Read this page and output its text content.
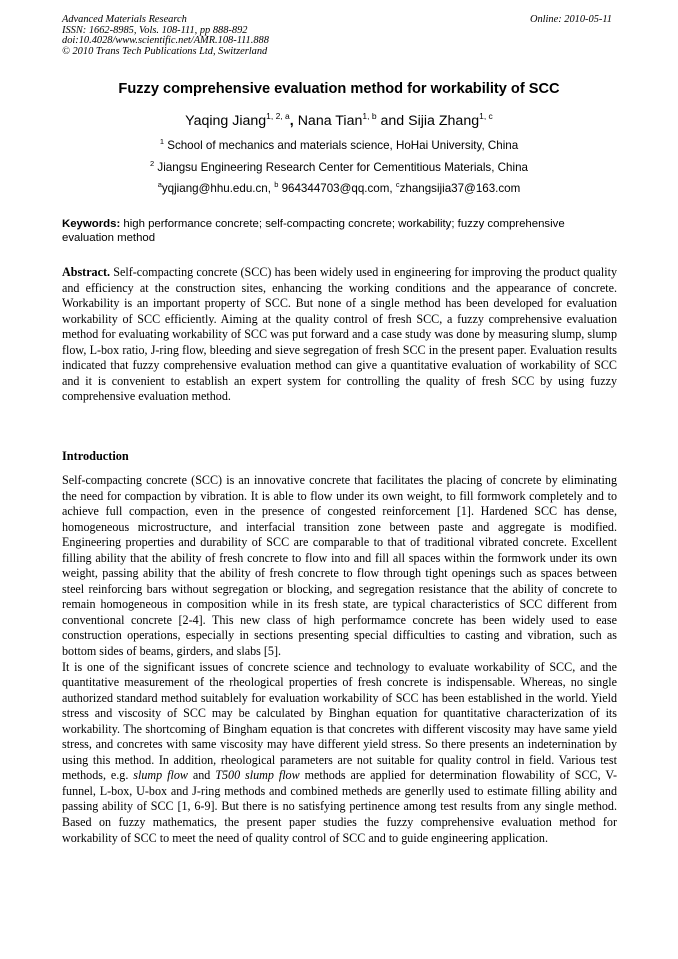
Advanced Materials Research
ISSN: 1662-8985, Vols. 108-111, pp 888-892
doi:10.4028/www.scientific.net/AMR.108-111.888
© 2010 Trans Tech Publications Ltd, Switzerland
Online: 2010-05-11
Fuzzy comprehensive evaluation method for workability of SCC
Yaqing Jiang$^{1, 2, a}$, Nana Tian$^{1, b}$ and Sijia Zhang$^{1, c}$
$^1$ School of mechanics and materials science, HoHai University, China
$^2$ Jiangsu Engineering Research Center for Cementitious Materials, China
$^a$yqjiang@hhu.edu.cn, $^b$ 964344703@qq.com, $^c$zhangsijia37@163.com
Keywords: high performance concrete; self-compacting concrete; workability; fuzzy comprehensive evaluation method
Abstract. Self-compacting concrete (SCC) has been widely used in engineering for improving the product quality and efficiency at the construction sites, enhancing the working conditions and the appearance of concrete. Workability is an important property of SCC. But none of a single method has been developed for evaluation workability of SCC efficiently. Aiming at the quality control of fresh SCC, a fuzzy comprehensive evaluation method for evaluating workability of SCC was put forward and a case study was done by measuring slump, slump flow, L-box ratio, J-ring flow, bleeding and sieve segregation of fresh SCC in the present paper. Evaluation results indicated that fuzzy comprehensive evaluation method can give a quantitative evaluation of workability of SCC and it is convenient to establish an expert system for controlling the quality of fresh SCC by using fuzzy comprehensive evaluation method.
Introduction

Self-compacting concrete (SCC) is an innovative concrete that facilitates the placing of concrete by eliminating the need for compaction by vibration. It is able to flow under its own weight, to fill formwork completely and to achieve full compaction, even in the presence of congested reinforcement [1]. Hardened SCC has dense, homogeneous microstructure, and interfacial transition zone between paste and aggregate is modified. Engineering properties and durability of SCC are comparable to that of traditional vibrated concrete. Excellent filling ability that the ability of fresh concrete to flow into and fill all spaces within the formwork under its own weight, passing ability that the ability of fresh concrete to flow through tight openings such as spaces between steel reinforcing bars without segregation or blocking, and segregation resistance that the ability of concrete to remain homogeneous in composition while in its fresh state, are typical characteristics of SCC different from conventional concrete [2-4]. This new class of high performamce concrete has been widely used to ease construction operations, especially in sections presenting special difficulties to casting and vibration, such as bottom sides of beams, girders, and slabs [5].

It is one of the significant issues of concrete science and technology to evaluate workability of SCC, and the quantitative measurement of the rheological properties of fresh concrete is indispensable. Whereas, no single authorized standard method suitablely for evaluation workability of SCC has been established in the world. Yield stress and viscosity of SCC may be calculated by Binghan equation for quantitative characterization of its workability. The shortcoming of Bingham equation is that concretes with different viscosity may have same yield stress, and concretes with same viscosity may have different yield stress. So there presents an indeternination by using this method. In addition, rheological parameters are not suitable for quality control in field. Various test methods, e.g. slump flow and T500 slump flow methods are applied for determination flowability of SCC, V-funnel, L-box, U-box and J-ring methods and combined metheds are generlly used to estimate filling ability and passing ability of SCC [1, 6-9]. But there is no satisfying pertinence among test results from any single method. Based on fuzzy mathematics, the present paper studies the fuzzy comprehensive evaluation method for workability of SCC to meet the need of quality control of SCC and to guide engineering application.
